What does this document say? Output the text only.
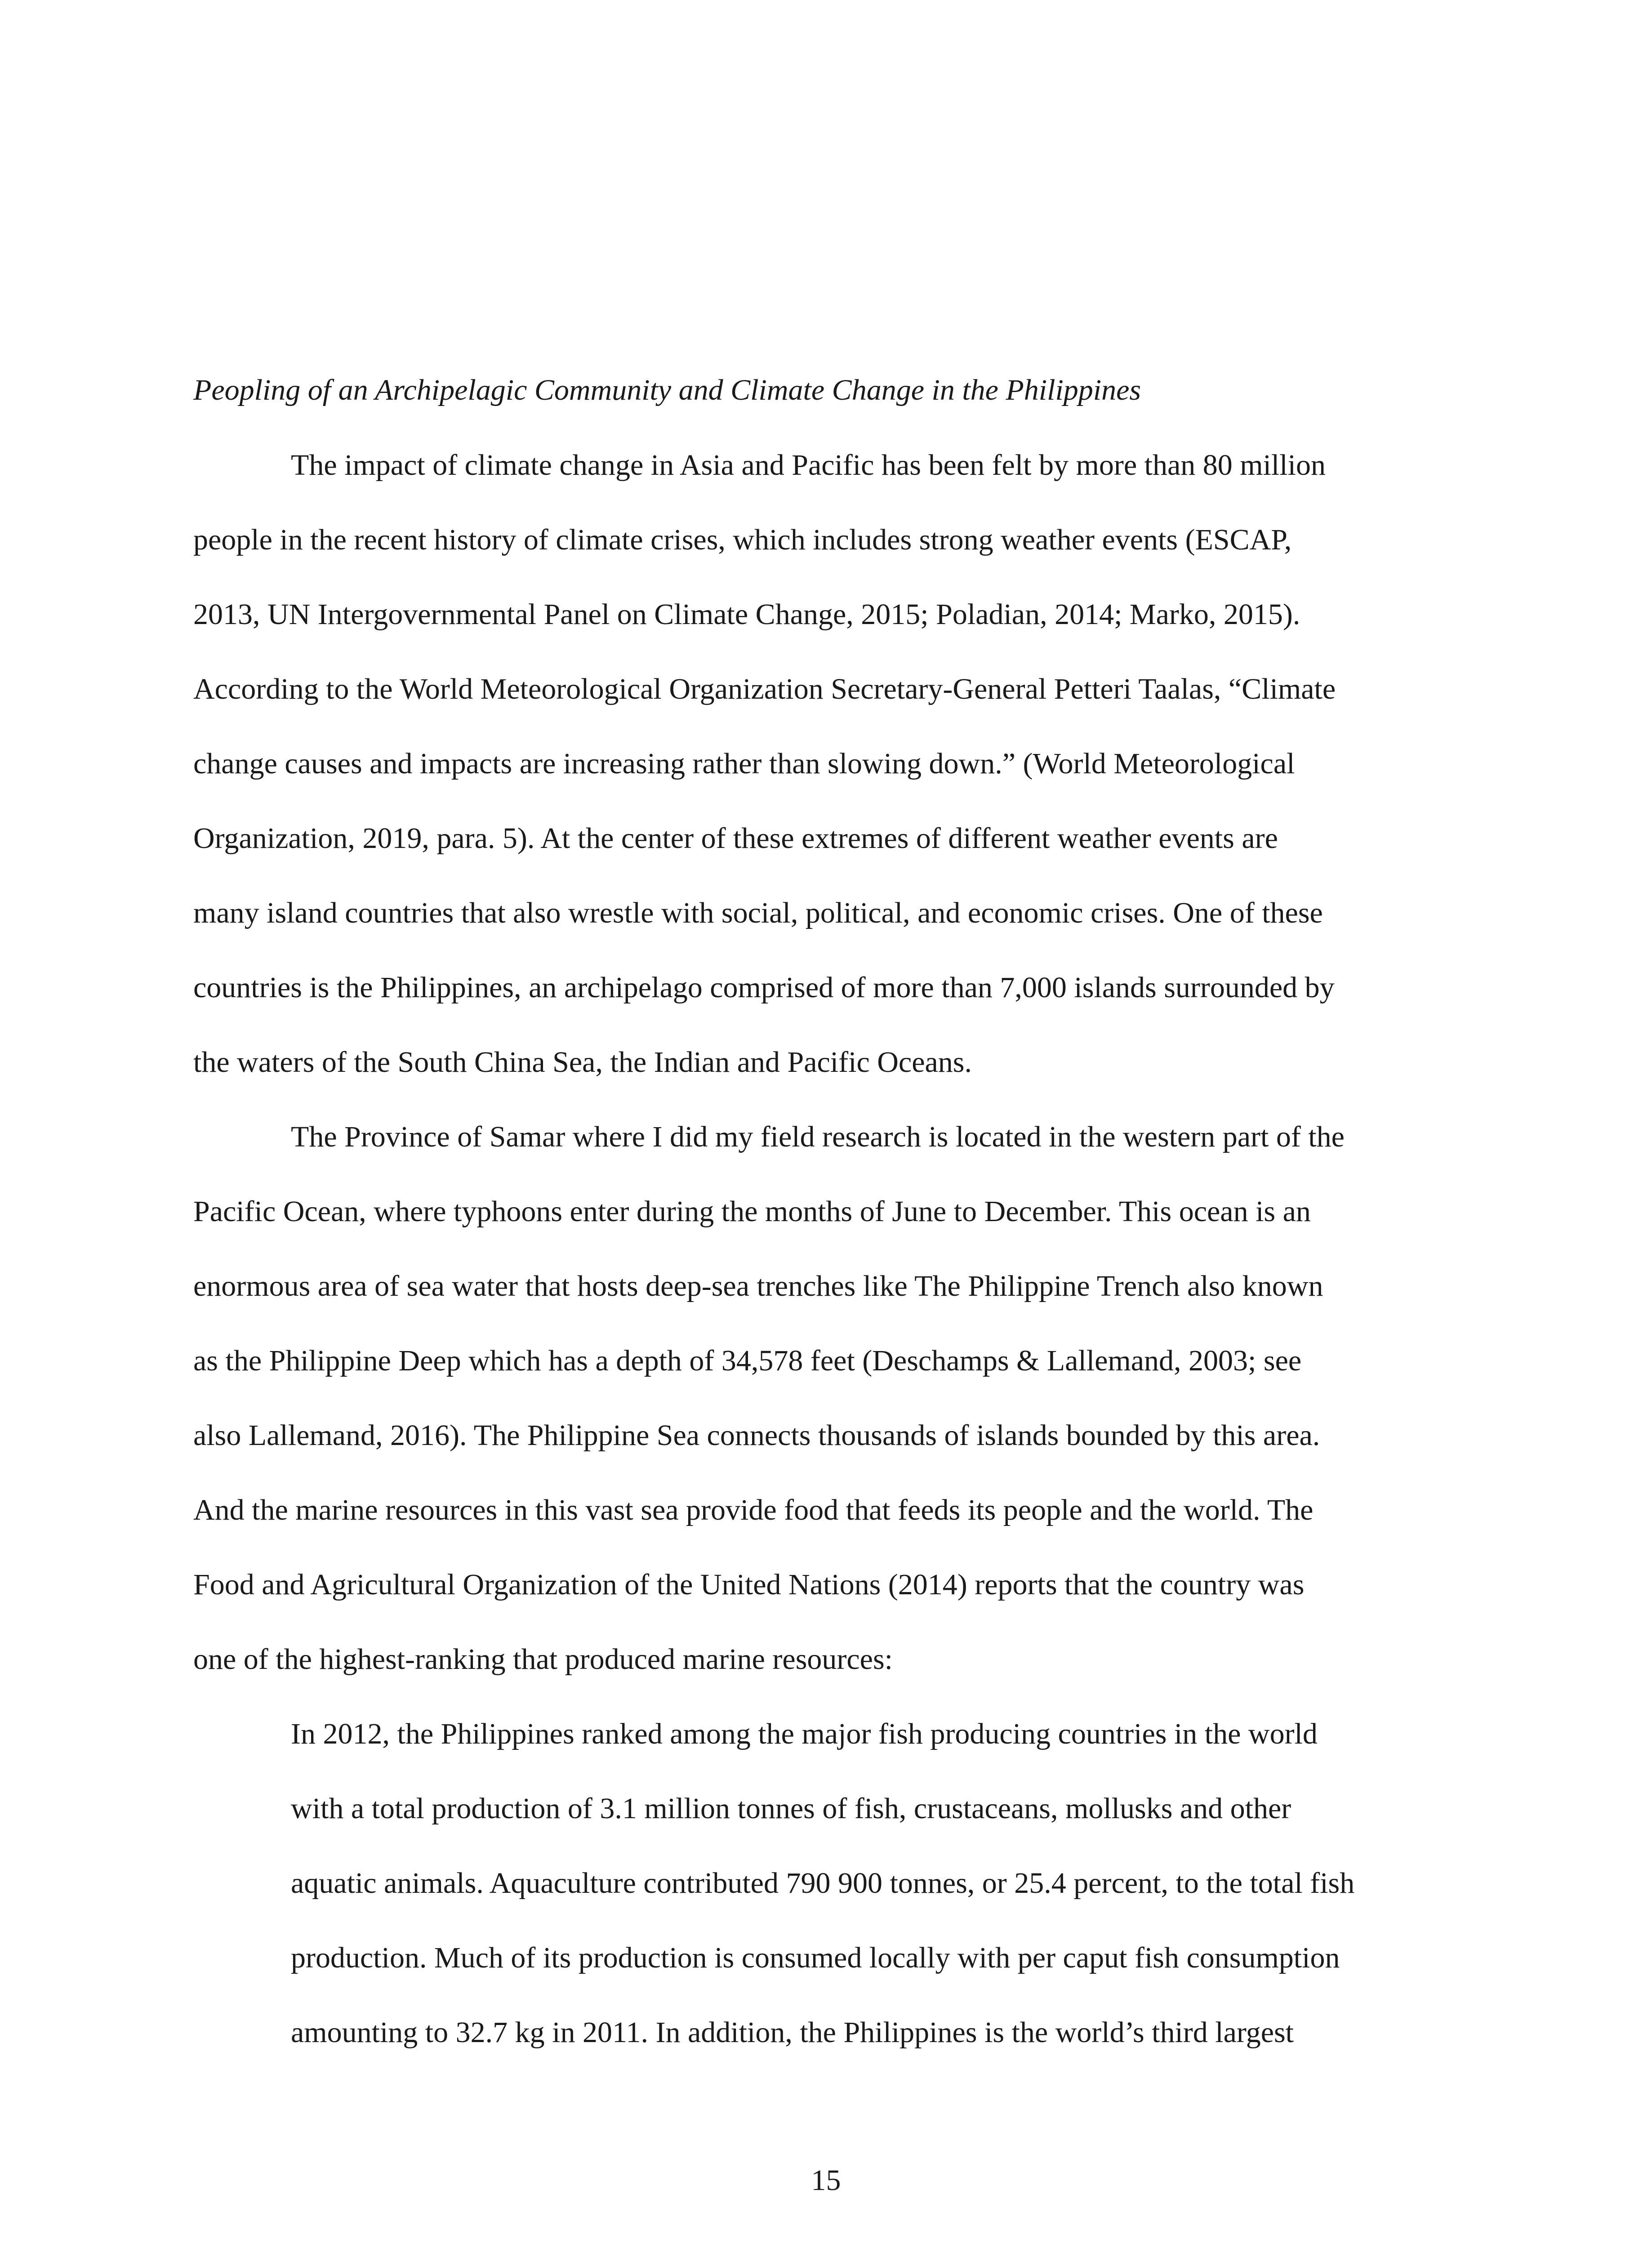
Peopling of an Archipelagic Community and Climate Change in the Philippines

The impact of climate change in Asia and Pacific has been felt by more than 80 million

people in the recent history of climate crises, which includes strong weather events (ESCAP,

2013, UN Intergovernmental Panel on Climate Change, 2015; Poladian, 2014; Marko, 2015).

According to the World Meteorological Organization Secretary-General Petteri Taalas, “Climate

change causes and impacts are increasing rather than slowing down.” (World Meteorological

Organization, 2019, para. 5). At the center of these extremes of different weather events are

many island countries that also wrestle with social, political, and economic crises. One of these

countries is the Philippines, an archipelago comprised of more than 7,000 islands surrounded by

the waters of the South China Sea, the Indian and Pacific Oceans.

The Province of Samar where I did my field research is located in the western part of the

Pacific Ocean, where typhoons enter during the months of June to December. This ocean is an

enormous area of sea water that hosts deep-sea trenches like The Philippine Trench also known

as the Philippine Deep which has a depth of 34,578 feet (Deschamps & Lallemand, 2003; see

also Lallemand, 2016). The Philippine Sea connects thousands of islands bounded by this area.

And the marine resources in this vast sea provide food that feeds its people and the world. The

Food and Agricultural Organization of the United Nations (2014) reports that the country was

one of the highest-ranking that produced marine resources:

In 2012, the Philippines ranked among the major fish producing countries in the world

with a total production of 3.1 million tonnes of fish, crustaceans, mollusks and other

aquatic animals. Aquaculture contributed 790 900 tonnes, or 25.4 percent, to the total fish

production. Much of its production is consumed locally with per caput fish consumption

amounting to 32.7 kg in 2011. In addition, the Philippines is the world’s third largest

15
